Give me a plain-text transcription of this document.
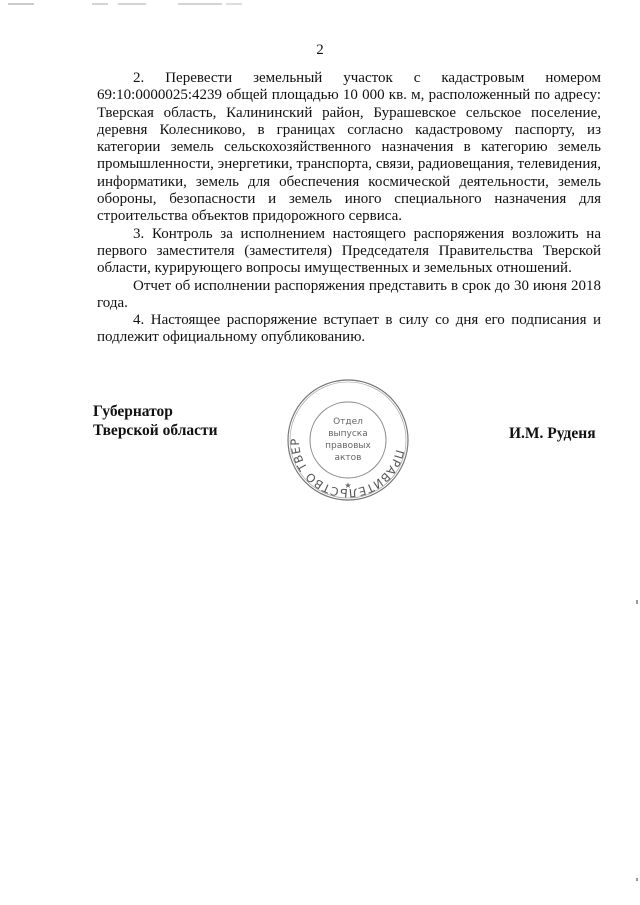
2

2. Перевести земельный участок с кадастровым номером 69:10:0000025:4239 общей площадью 10 000 кв. м, расположенный по адресу: Тверская область, Калининский район, Бурашевское сельское поселение, деревня Колесниково, в границах согласно кадастровому паспорту, из категории земель сельскохозяйственного назначения в категорию земель промышленности, энергетики, транспорта, связи, радиовещания, телевидения, информатики, земель для обеспечения космической деятельности, земель обороны, безопасности и земель иного специального назначения для строительства объектов придорожного сервиса.

3. Контроль за исполнением настоящего распоряжения возложить на первого заместителя (заместителя) Председателя Правительства Тверской области, курирующего вопросы имущественных и земельных отношений.

Отчет об исполнении распоряжения представить в срок до 30 июня 2018 года.

4. Настоящее распоряжение вступает в силу со дня его подписания и подлежит официальному опубликованию.

Губернатор
Тверской области
ПРАВИТЕЛЬСТВО ТВЕРСКОЙ ОБЛАСТИ
Отдел
выпуска
правовых
актов
★
И.М. Руденя
